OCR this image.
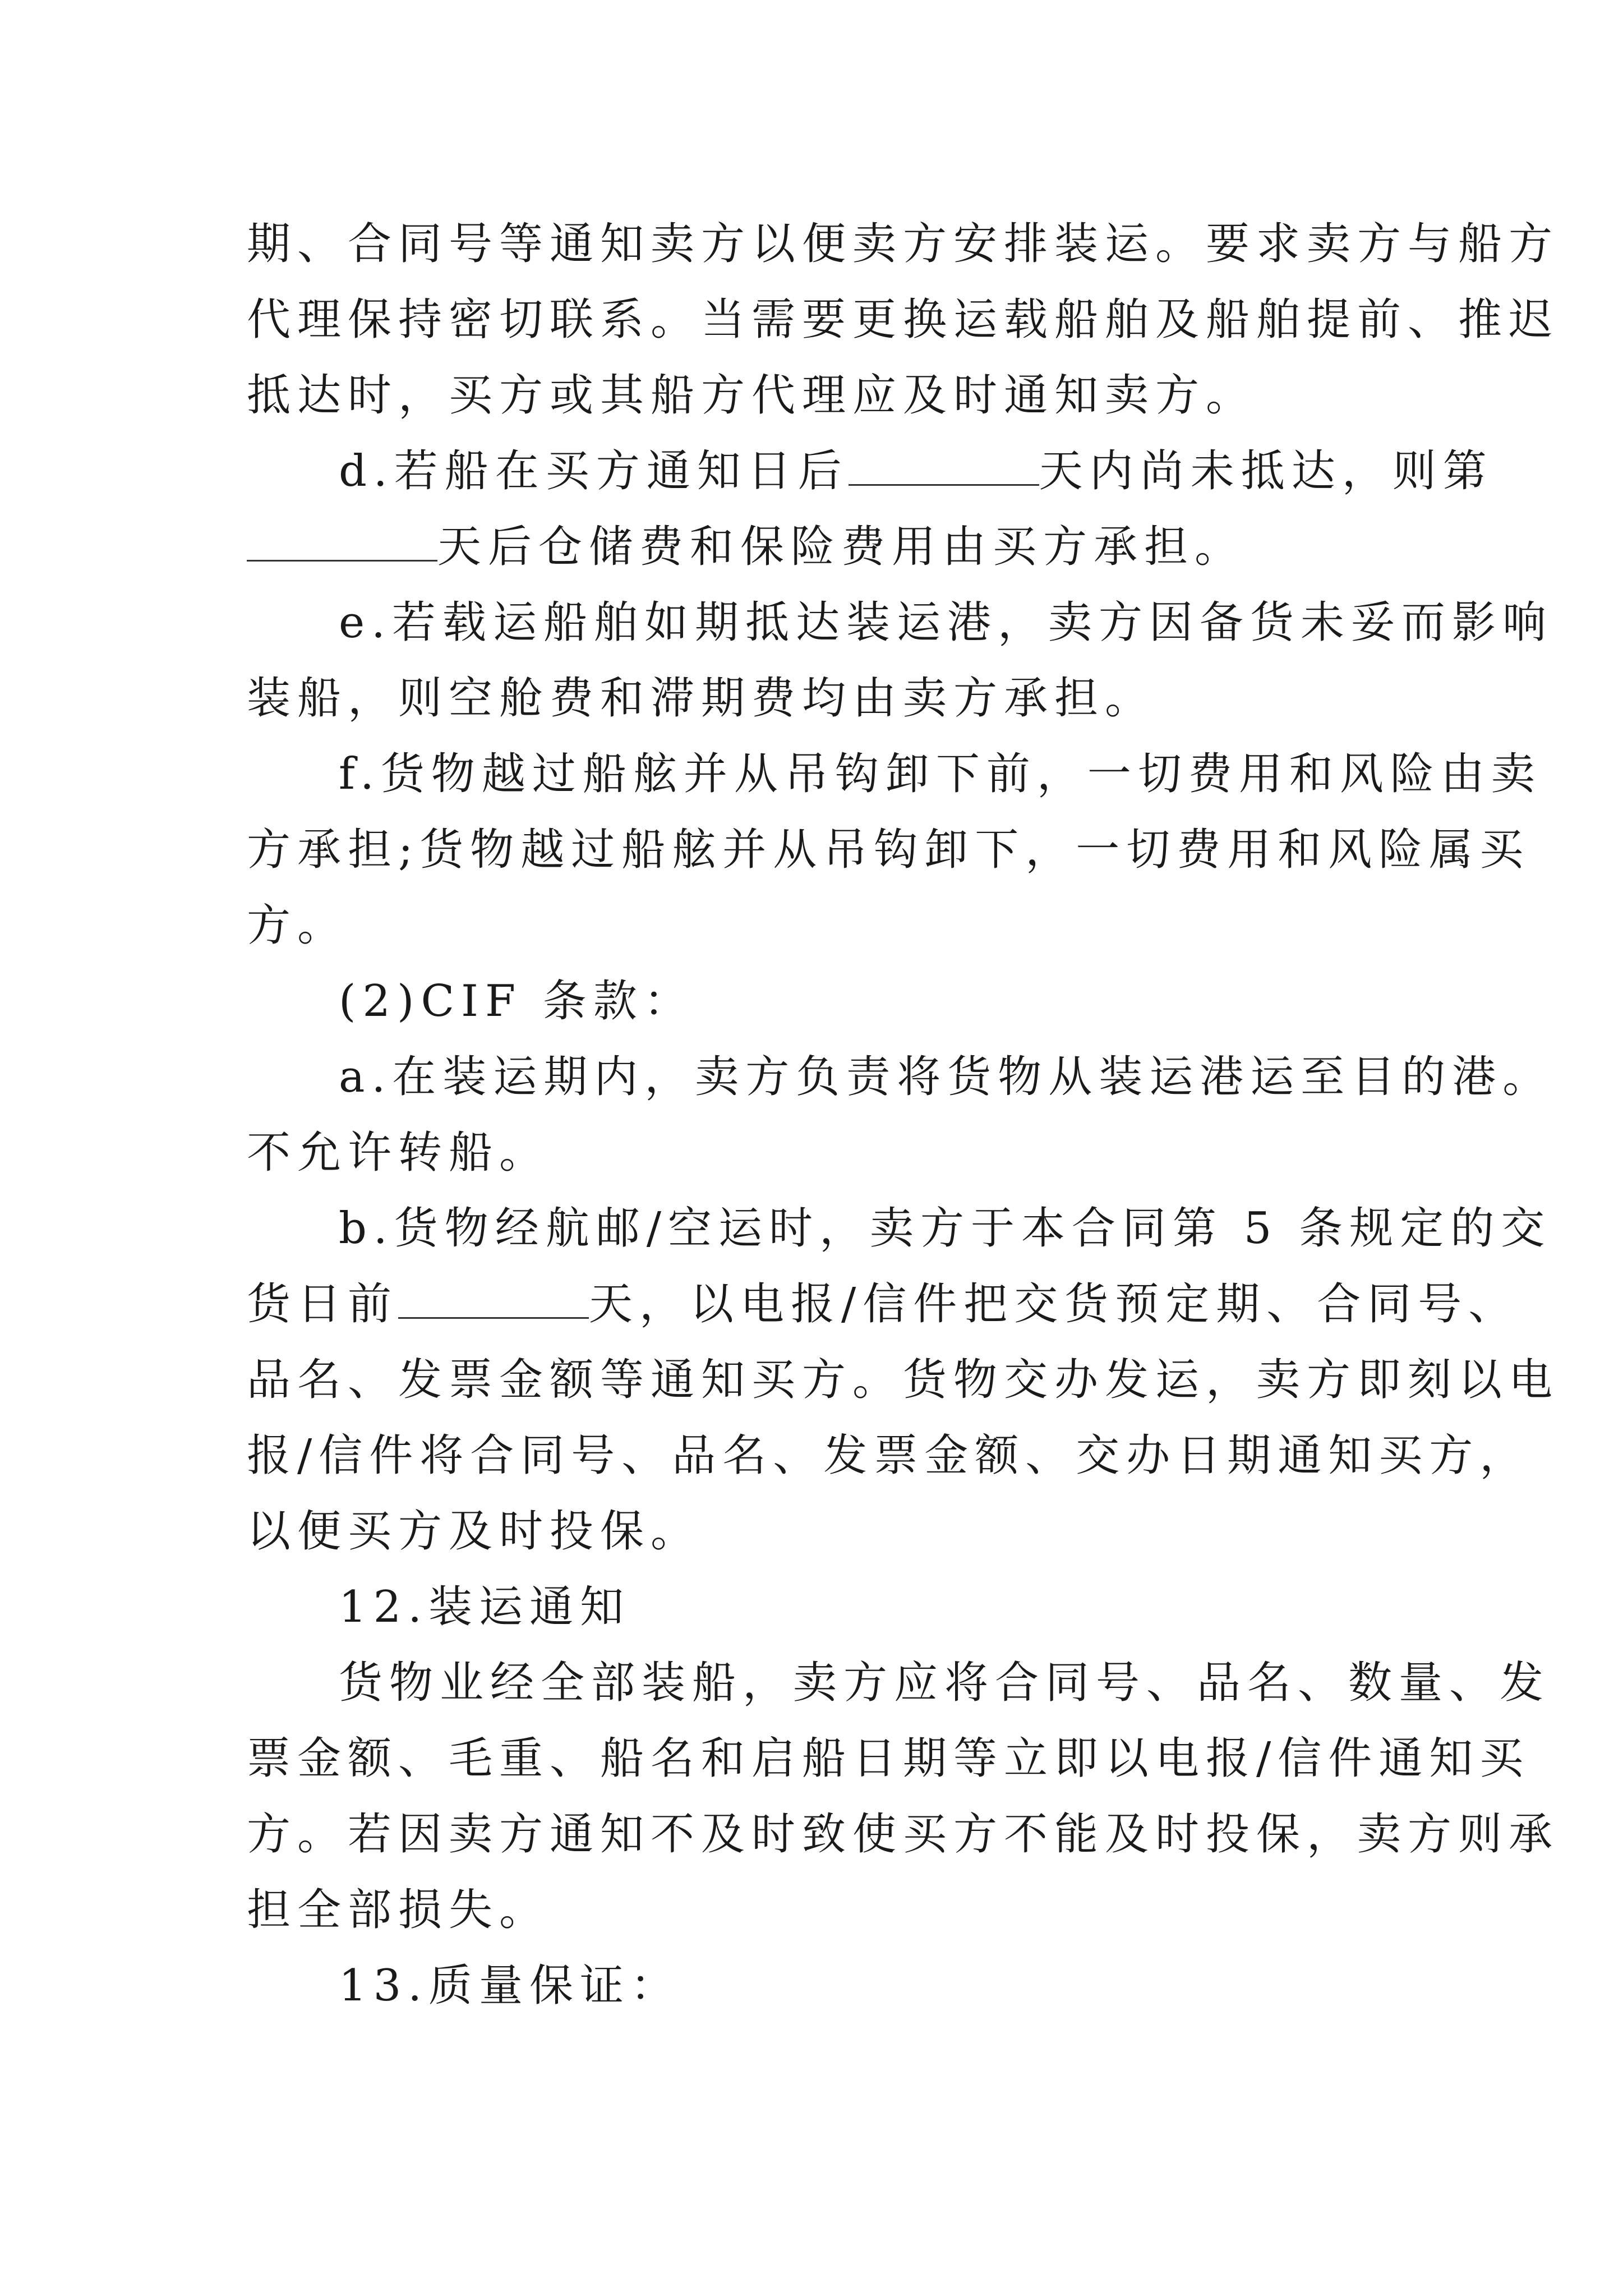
期、合同号等通知卖方以便卖方安排装运。要求卖方与船方
代理保持密切联系。当需要更换运载船舶及船舶提前、推迟
抵达时，买方或其船方代理应及时通知卖方。
d.若船在买方通知日后	天内尚未抵达，则第
天后仓储费和保险费用由买方承担。
e.若载运船舶如期抵达装运港，卖方因备货未妥而影响
装船，则空舱费和滞期费均由卖方承担。
f.货物越过船舷并从吊钩卸下前，一切费用和风险由卖
方承担;货物越过船舷并从吊钩卸下，一切费用和风险属买
方。
(2)CIF 条款：
a.在装运期内，卖方负责将货物从装运港运至目的港。
不允许转船。
b.货物经航邮/空运时，卖方于本合同第 5 条规定的交
货日前	天，以电报/信件把交货预定期、合同号、
品名、发票金额等通知买方。货物交办发运，卖方即刻以电
报/信件将合同号、品名、发票金额、交办日期通知买方，
以便买方及时投保。
12.装运通知
货物业经全部装船，卖方应将合同号、品名、数量、发
票金额、毛重、船名和启船日期等立即以电报/信件通知买
方。若因卖方通知不及时致使买方不能及时投保，卖方则承
担全部损失。
13.质量保证：
